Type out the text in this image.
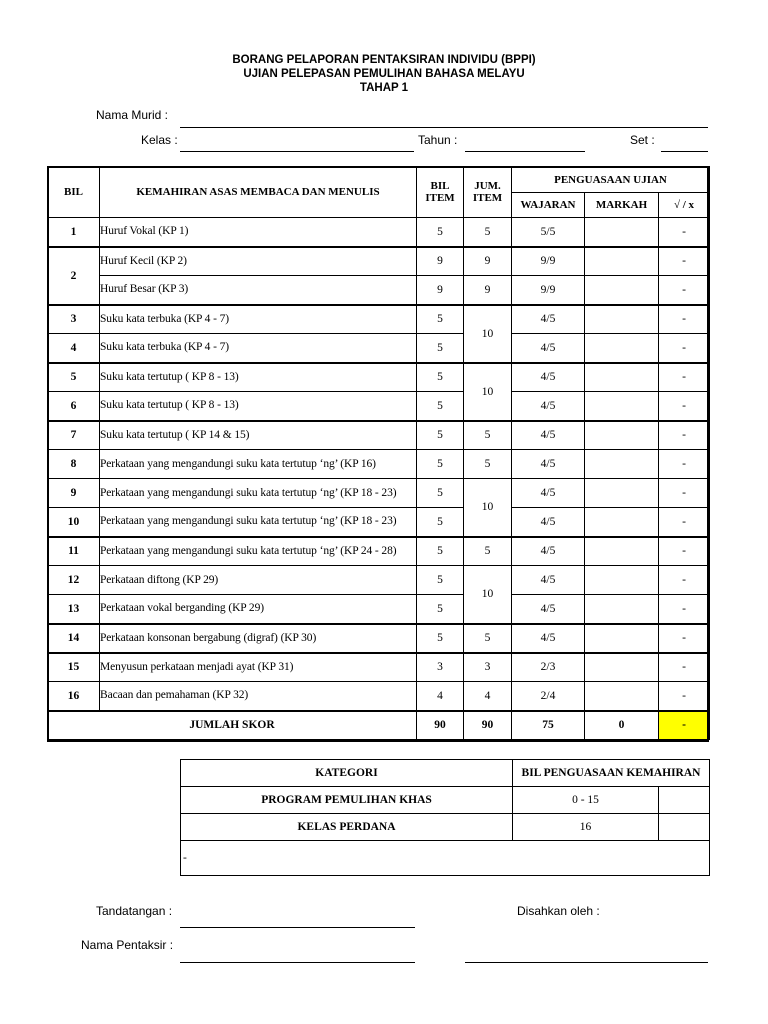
BORANG PELAPORAN PENTAKSIRAN INDIVIDU (BPPI)
UJIAN PELEPASAN PEMULIHAN BAHASA MELAYU
TAHAP 1
Nama Murid :
Kelas :	Tahun :	Set :
BIL	KEMAHIRAN ASAS MEMBACA DAN MENULIS	BIL ITEM	JUM. ITEM	PENGUASAAN UJIAN		
				WAJARAN	MARKAH	√ / x
1	Huruf Vokal (KP 1)	5	5	5/5		-
2	Huruf Kecil (KP 2)	9	9	9/9		-
	Huruf Besar (KP 3)	9	9	9/9		-
3	Suku kata terbuka (KP 4 - 7)	5	10	4/5		-
4	Suku kata terbuka (KP 4 - 7)	5		4/5		-
5	Suku kata tertutup ( KP 8 - 13)	5	10	4/5		-
6	Suku kata tertutup ( KP 8 - 13)	5		4/5		-
7	Suku kata tertutup ( KP 14 & 15)	5	5	4/5		-
8	Perkataan yang mengandungi suku kata tertutup ‘ng’ (KP 16)	5	5	4/5		-
9	Perkataan yang mengandungi suku kata tertutup ‘ng’ (KP 18 - 23)	5	10	4/5		-
10	Perkataan yang mengandungi suku kata tertutup ‘ng’ (KP 18 - 23)	5		4/5		-
11	Perkataan yang mengandungi suku kata tertutup ‘ng’ (KP 24 - 28)	5	5	4/5		-
12	Perkataan diftong (KP 29)	5	10	4/5		-
13	Perkataan vokal berganding (KP 29)	5		4/5		-
14	Perkataan konsonan bergabung (digraf) (KP 30)	5	5	4/5		-
15	Menyusun perkataan menjadi ayat (KP 31)	3	3	2/3		-
16	Bacaan dan pemahaman (KP 32)	4	4	2/4		-
JUMLAH SKOR		90	90	75	0	-
KATEGORI	BIL PENGUASAAN KEMAHIRAN	
PROGRAM PEMULIHAN KHAS	0 - 15	
KELAS PERDANA	16	
-		
Tandatangan :	Disahkan oleh :
Nama Pentaksir :
